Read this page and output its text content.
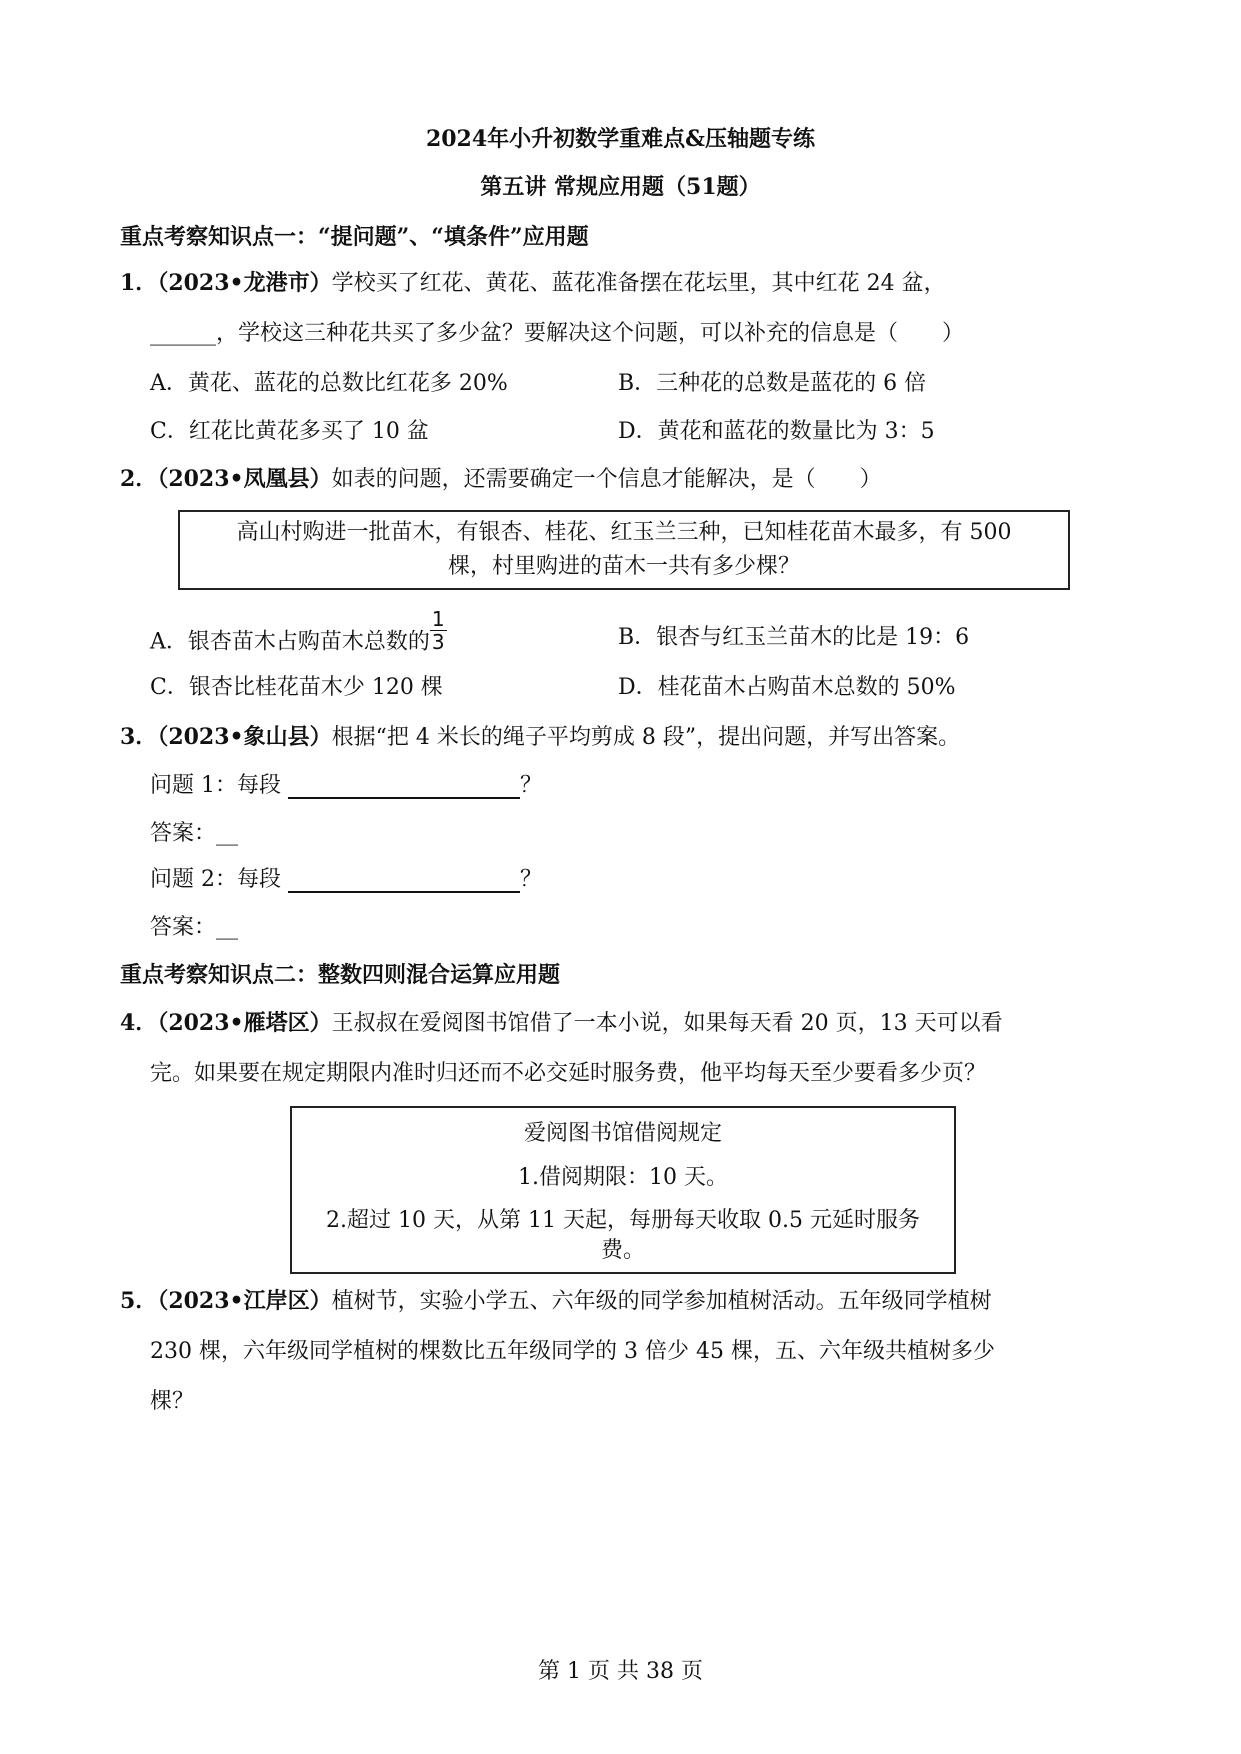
2024年小升初数学重难点&压轴题专练
第五讲 常规应用题（51题）
重点考察知识点一：“提问题”、“填条件”应用题
1．（2023•龙港市）学校买了红花、黄花、蓝花准备摆在花坛里，其中红花 24 盆，
______，学校这三种花共买了多少盆？要解决这个问题，可以补充的信息是（　　）
A．黄花、蓝花的总数比红花多 20%	B．三种花的总数是蓝花的 6 倍
C．红花比黄花多买了 10 盆	D．黄花和蓝花的数量比为 3：5
2．（2023•凤凰县）如表的问题，还需要确定一个信息才能解决，是（　　）
高山村购进一批苗木，有银杏、桂花、红玉兰三种，已知桂花苗木最多，有 500
棵，村里购进的苗木一共有多少棵？
A．银杏苗木占购苗木总数的 $\frac{1}{3}$	B．银杏与红玉兰苗木的比是 19：6
C．银杏比桂花苗木少 120 棵	D．桂花苗木占购苗木总数的 50%
3．（2023•象山县）根据“把 4 米长的绳子平均剪成 8 段”，提出问题，并写出答案。
问题 1：每段	？
答案：__
问题 2：每段	？
答案：__
重点考察知识点二：整数四则混合运算应用题
4．（2023•雁塔区）王叔叔在爱阅图书馆借了一本小说，如果每天看 20 页，13 天可以看
完。如果要在规定期限内准时归还而不必交延时服务费，他平均每天至少要看多少页？
爱阅图书馆借阅规定
1.借阅期限：10 天。
2.超过 10 天，从第 11 天起，每册每天收取 0.5 元延时服务
费。
5．（2023•江岸区）植树节，实验小学五、六年级的同学参加植树活动。五年级同学植树
230 棵，六年级同学植树的棵数比五年级同学的 3 倍少 45 棵，五、六年级共植树多少
棵？
第 1 页 共 38 页
